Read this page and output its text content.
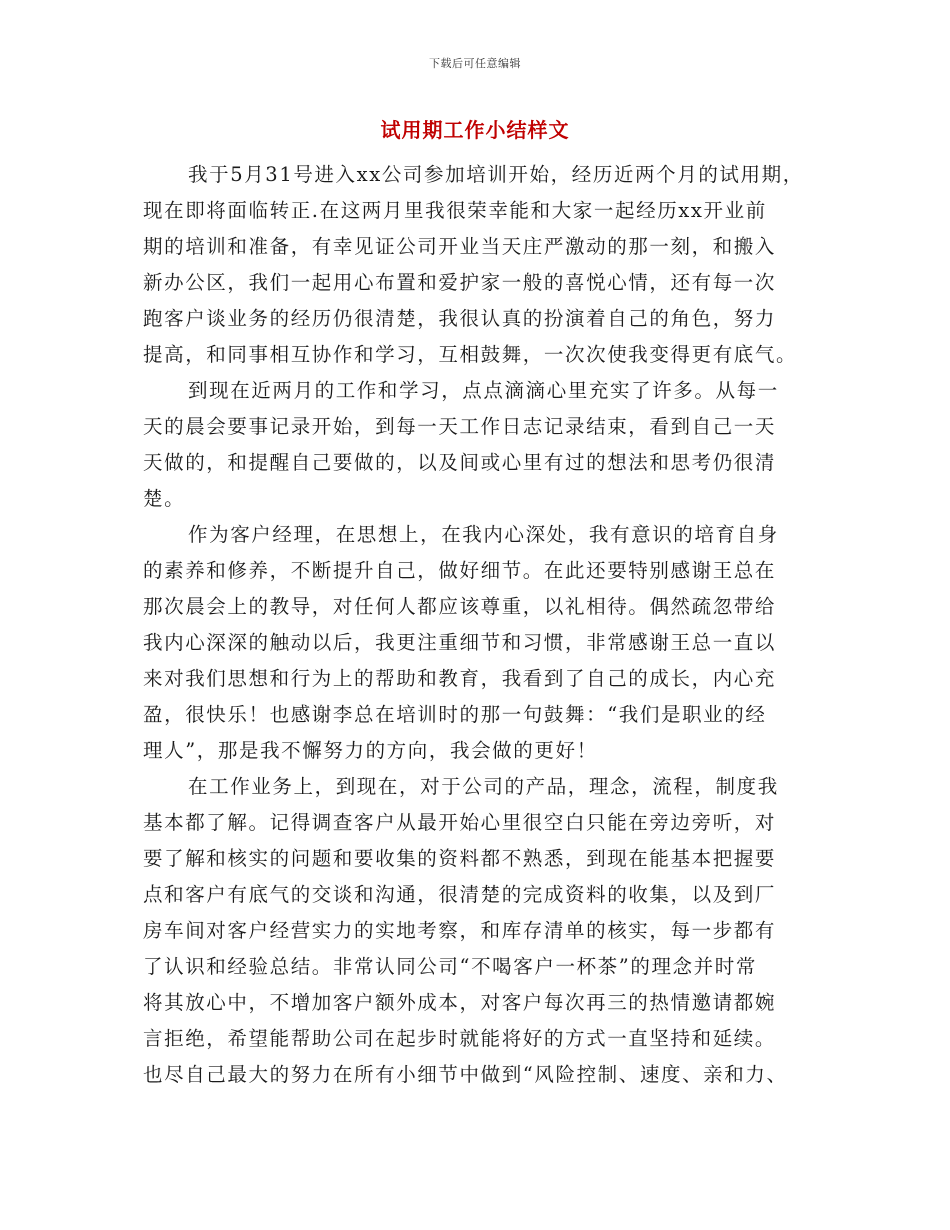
下载后可任意编辑
试用期工作小结样文
我于5月31号进入xx公司参加培训开始，经历近两个月的试用期，
现在即将面临转正.在这两月里我很荣幸能和大家一起经历xx开业前
期的培训和准备，有幸见证公司开业当天庄严激动的那一刻，和搬入
新办公区，我们一起用心布置和爱护家一般的喜悦心情，还有每一次
跑客户谈业务的经历仍很清楚，我很认真的扮演着自己的角色，努力
提高，和同事相互协作和学习，互相鼓舞，一次次使我变得更有底气。
到现在近两月的工作和学习，点点滴滴心里充实了许多。从每一
天的晨会要事记录开始，到每一天工作日志记录结束，看到自己一天
天做的，和提醒自己要做的，以及间或心里有过的想法和思考仍很清
楚。
作为客户经理，在思想上，在我内心深处，我有意识的培育自身
的素养和修养，不断提升自己，做好细节。在此还要特别感谢王总在
那次晨会上的教导，对任何人都应该尊重，以礼相待。偶然疏忽带给
我内心深深的触动以后，我更注重细节和习惯，非常感谢王总一直以
来对我们思想和行为上的帮助和教育，我看到了自己的成长，内心充
盈，很快乐！也感谢李总在培训时的那一句鼓舞：“我们是职业的经
理人”，那是我不懈努力的方向，我会做的更好！
在工作业务上，到现在，对于公司的产品，理念，流程，制度我
基本都了解。记得调查客户从最开始心里很空白只能在旁边旁听，对
要了解和核实的问题和要收集的资料都不熟悉，到现在能基本把握要
点和客户有底气的交谈和沟通，很清楚的完成资料的收集，以及到厂
房车间对客户经营实力的实地考察，和库存清单的核实，每一步都有
了认识和经验总结。非常认同公司“不喝客户一杯茶”的理念并时常
将其放心中，不增加客户额外成本，对客户每次再三的热情邀请都婉
言拒绝，希望能帮助公司在起步时就能将好的方式一直坚持和延续。
也尽自己最大的努力在所有小细节中做到“风险控制、速度、亲和力、
